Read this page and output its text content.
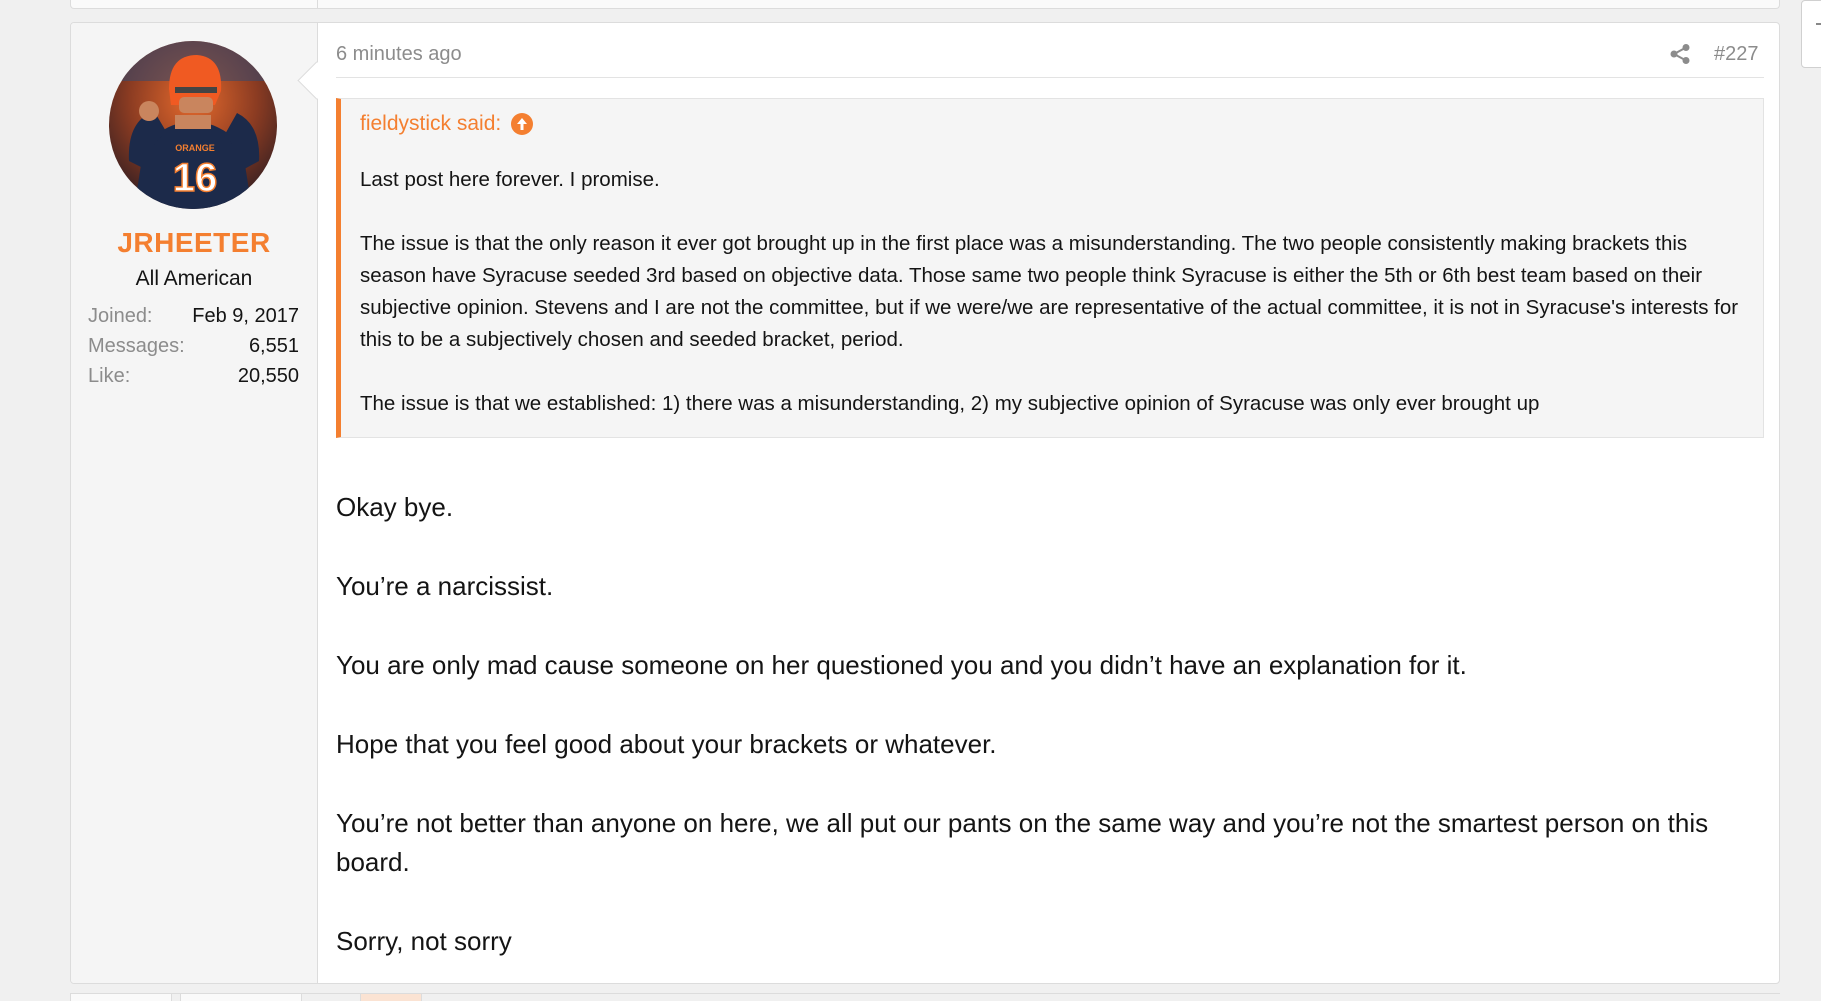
ORANGE
16
JRHEETER
All American
Joined: Feb 9, 2017
Messages:	6,551
Like:	20,550
6 minutes ago	#227
fieldystick said:

Last post here forever. I promise.

The issue is that the only reason it ever got brought up in the first place was a misunderstanding. The two people consistently making brackets this season have Syracuse seeded 3rd based on objective data. Those same two people think Syracuse is either the 5th or 6th best team based on their subjective opinion. Stevens and I are not the committee, but if we were/we are representative of the actual committee, it is not in Syracuse's interests for this to be a subjectively chosen and seeded bracket, period.

The issue is that we established: 1) there was a misunderstanding, 2) my subjective opinion of Syracuse was only ever brought up

Okay bye.

You’re a narcissist.

You are only mad cause someone on her questioned you and you didn’t have an explanation for it.

Hope that you feel good about your brackets or whatever.

You’re not better than anyone on here, we all put our pants on the same way and you’re not the smartest person on this board.

Sorry, not sorry
